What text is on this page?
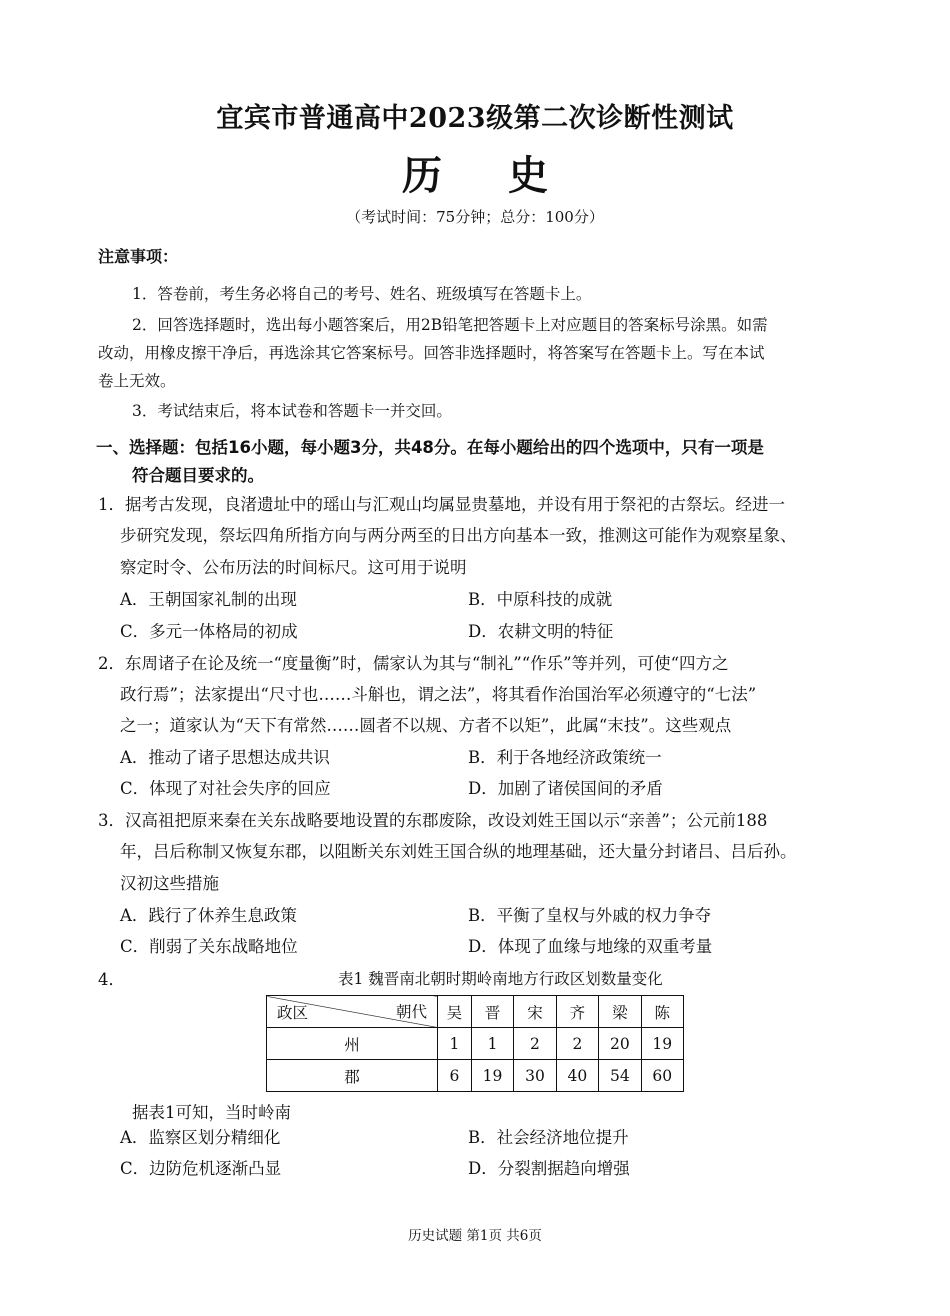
宜宾市普通高中2023级第二次诊断性测试
历 史
（考试时间：75分钟；总分：100分）
注意事项：
1．答卷前，考生务必将自己的考号、姓名、班级填写在答题卡上。
2．回答选择题时，选出每小题答案后，用2B铅笔把答题卡上对应题目的答案标号涂黑。如需
改动，用橡皮擦干净后，再选涂其它答案标号。回答非选择题时，将答案写在答题卡上。写在本试
卷上无效。
3．考试结束后，将本试卷和答题卡一并交回。
一、选择题：包括16小题，每小题3分，共48分。在每小题给出的四个选项中，只有一项是
符合题目要求的。
1．据考古发现，良渚遗址中的瑶山与汇观山均属显贵墓地，并设有用于祭祀的古祭坛。经进一
步研究发现，祭坛四角所指方向与两分两至的日出方向基本一致，推测这可能作为观察星象、
察定时令、公布历法的时间标尺。这可用于说明
A．王朝国家礼制的出现	B．中原科技的成就
C．多元一体格局的初成	D．农耕文明的特征
2．东周诸子在论及统一“度量衡”时，儒家认为其与“制礼”“作乐”等并列，可使“四方之
政行焉”；法家提出“尺寸也……斗斛也，谓之法”，将其看作治国治军必须遵守的“七法”
之一；道家认为“天下有常然……圆者不以规、方者不以矩”，此属“末技”。这些观点
A．推动了诸子思想达成共识	B．利于各地经济政策统一
C．体现了对社会失序的回应	D．加剧了诸侯国间的矛盾
3．汉高祖把原来秦在关东战略要地设置的东郡废除，改设刘姓王国以示“亲善”；公元前188
年，吕后称制又恢复东郡，以阻断关东刘姓王国合纵的地理基础，还大量分封诸吕、吕后孙。
汉初这些措施
A．践行了休养生息政策	B．平衡了皇权与外戚的权力争夺
C．削弱了关东战略地位	D．体现了血缘与地缘的双重考量
4．	表1 魏晋南北朝时期岭南地方行政区划数量变化
政区 朝代	吴	晋	宋	齐	梁	陈
州	1	1	2	2	20	19
郡	6	19	30	40	54	60
据表1可知，当时岭南
A．监察区划分精细化	B．社会经济地位提升
C．边防危机逐渐凸显	D．分裂割据趋向增强
历史试题 第1页 共6页
